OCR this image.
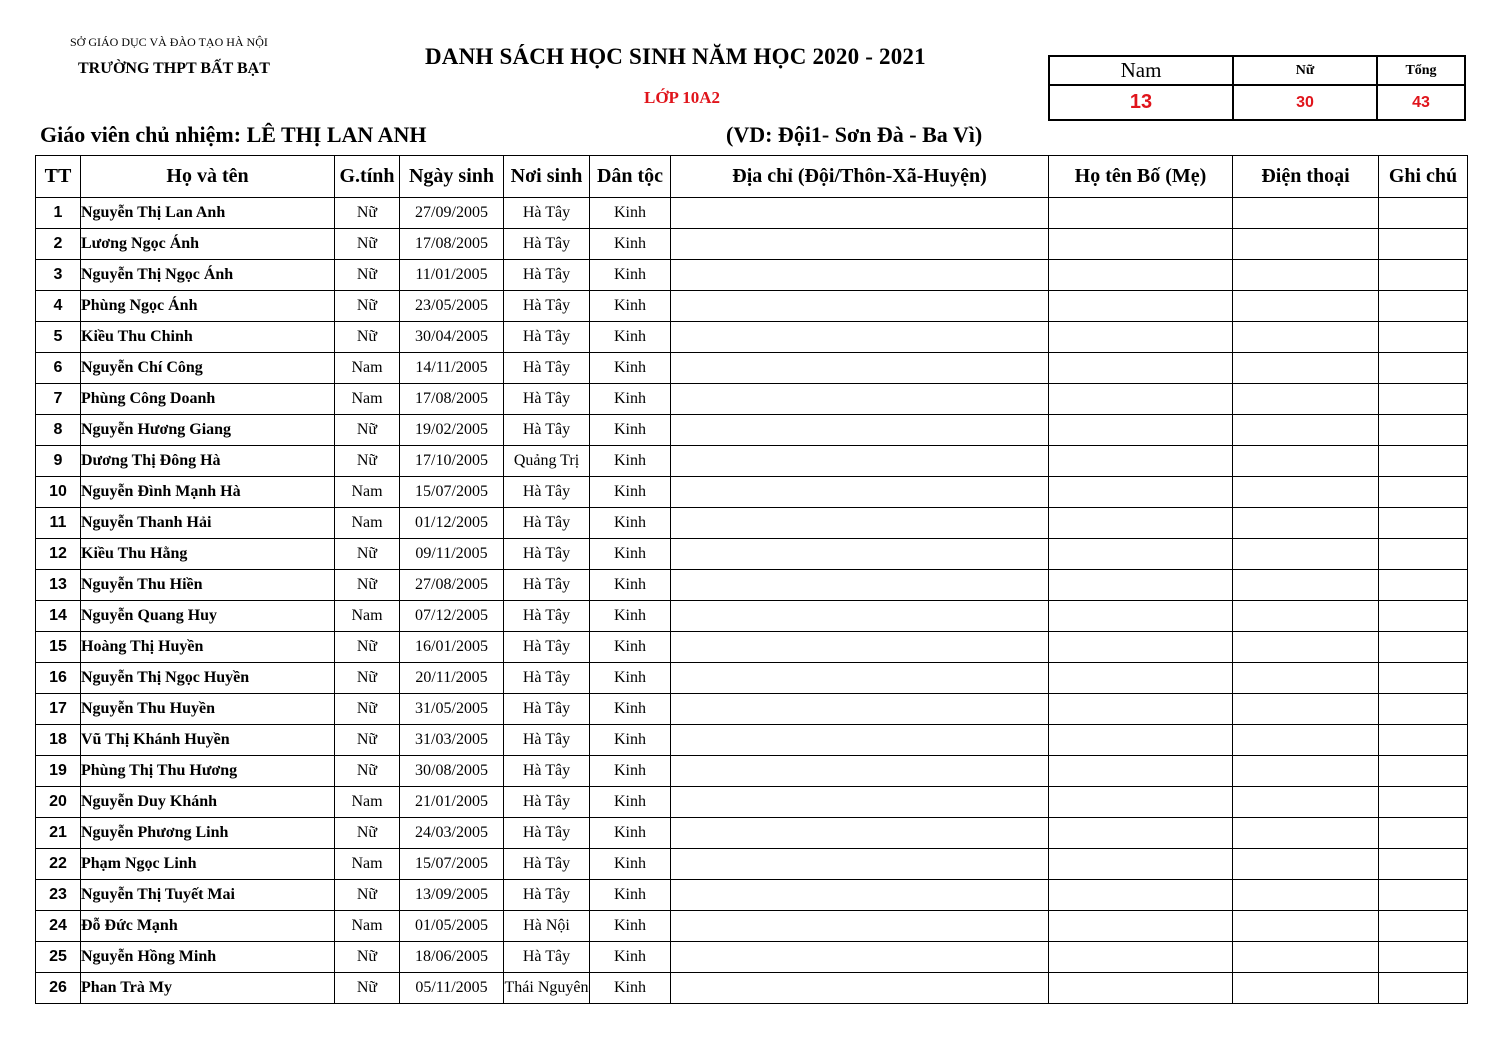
SỞ GIÁO DỤC VÀ ĐÀO TẠO HÀ NỘI
TRƯỜNG THPT BẤT BẠT	DANH SÁCH HỌC SINH NĂM HỌC 2020 - 2021
LỚP 10A2
Giáo viên chủ nhiệm: LÊ THỊ LAN ANH	(VD: Đội1- Sơn Đà - Ba Vì)
Nam	Nữ	Tổng
13	30	43
TT	Họ và tên	G.tính	Ngày sinh	Nơi sinh	Dân tộc	Địa chỉ (Đội/Thôn-Xã-Huyện)	Họ tên Bố (Mẹ)	Điện thoại	Ghi chú
1	Nguyễn Thị Lan Anh	Nữ	27/09/2005	Hà Tây	Kinh				
2	Lương Ngọc Ánh	Nữ	17/08/2005	Hà Tây	Kinh				
3	Nguyễn Thị Ngọc Ánh	Nữ	11/01/2005	Hà Tây	Kinh				
4	Phùng Ngọc Ánh	Nữ	23/05/2005	Hà Tây	Kinh				
5	Kiều Thu Chinh	Nữ	30/04/2005	Hà Tây	Kinh				
6	Nguyễn Chí Công	Nam	14/11/2005	Hà Tây	Kinh				
7	Phùng Công Doanh	Nam	17/08/2005	Hà Tây	Kinh				
8	Nguyễn Hương Giang	Nữ	19/02/2005	Hà Tây	Kinh				
9	Dương Thị Đông Hà	Nữ	17/10/2005	Quảng Trị	Kinh				
10	Nguyễn Đình Mạnh Hà	Nam	15/07/2005	Hà Tây	Kinh				
11	Nguyễn Thanh Hải	Nam	01/12/2005	Hà Tây	Kinh				
12	Kiều Thu Hằng	Nữ	09/11/2005	Hà Tây	Kinh				
13	Nguyễn Thu Hiền	Nữ	27/08/2005	Hà Tây	Kinh				
14	Nguyễn Quang Huy	Nam	07/12/2005	Hà Tây	Kinh				
15	Hoàng Thị Huyền	Nữ	16/01/2005	Hà Tây	Kinh				
16	Nguyễn Thị Ngọc Huyền	Nữ	20/11/2005	Hà Tây	Kinh				
17	Nguyễn Thu Huyền	Nữ	31/05/2005	Hà Tây	Kinh				
18	Vũ Thị Khánh Huyền	Nữ	31/03/2005	Hà Tây	Kinh				
19	Phùng Thị Thu Hương	Nữ	30/08/2005	Hà Tây	Kinh				
20	Nguyễn Duy Khánh	Nam	21/01/2005	Hà Tây	Kinh				
21	Nguyễn Phương Linh	Nữ	24/03/2005	Hà Tây	Kinh				
22	Phạm Ngọc Linh	Nam	15/07/2005	Hà Tây	Kinh				
23	Nguyễn Thị Tuyết Mai	Nữ	13/09/2005	Hà Tây	Kinh				
24	Đỗ Đức Mạnh	Nam	01/05/2005	Hà Nội	Kinh				
25	Nguyễn Hồng Minh	Nữ	18/06/2005	Hà Tây	Kinh				
26	Phan Trà My	Nữ	05/11/2005	Thái Nguyên	Kinh				
